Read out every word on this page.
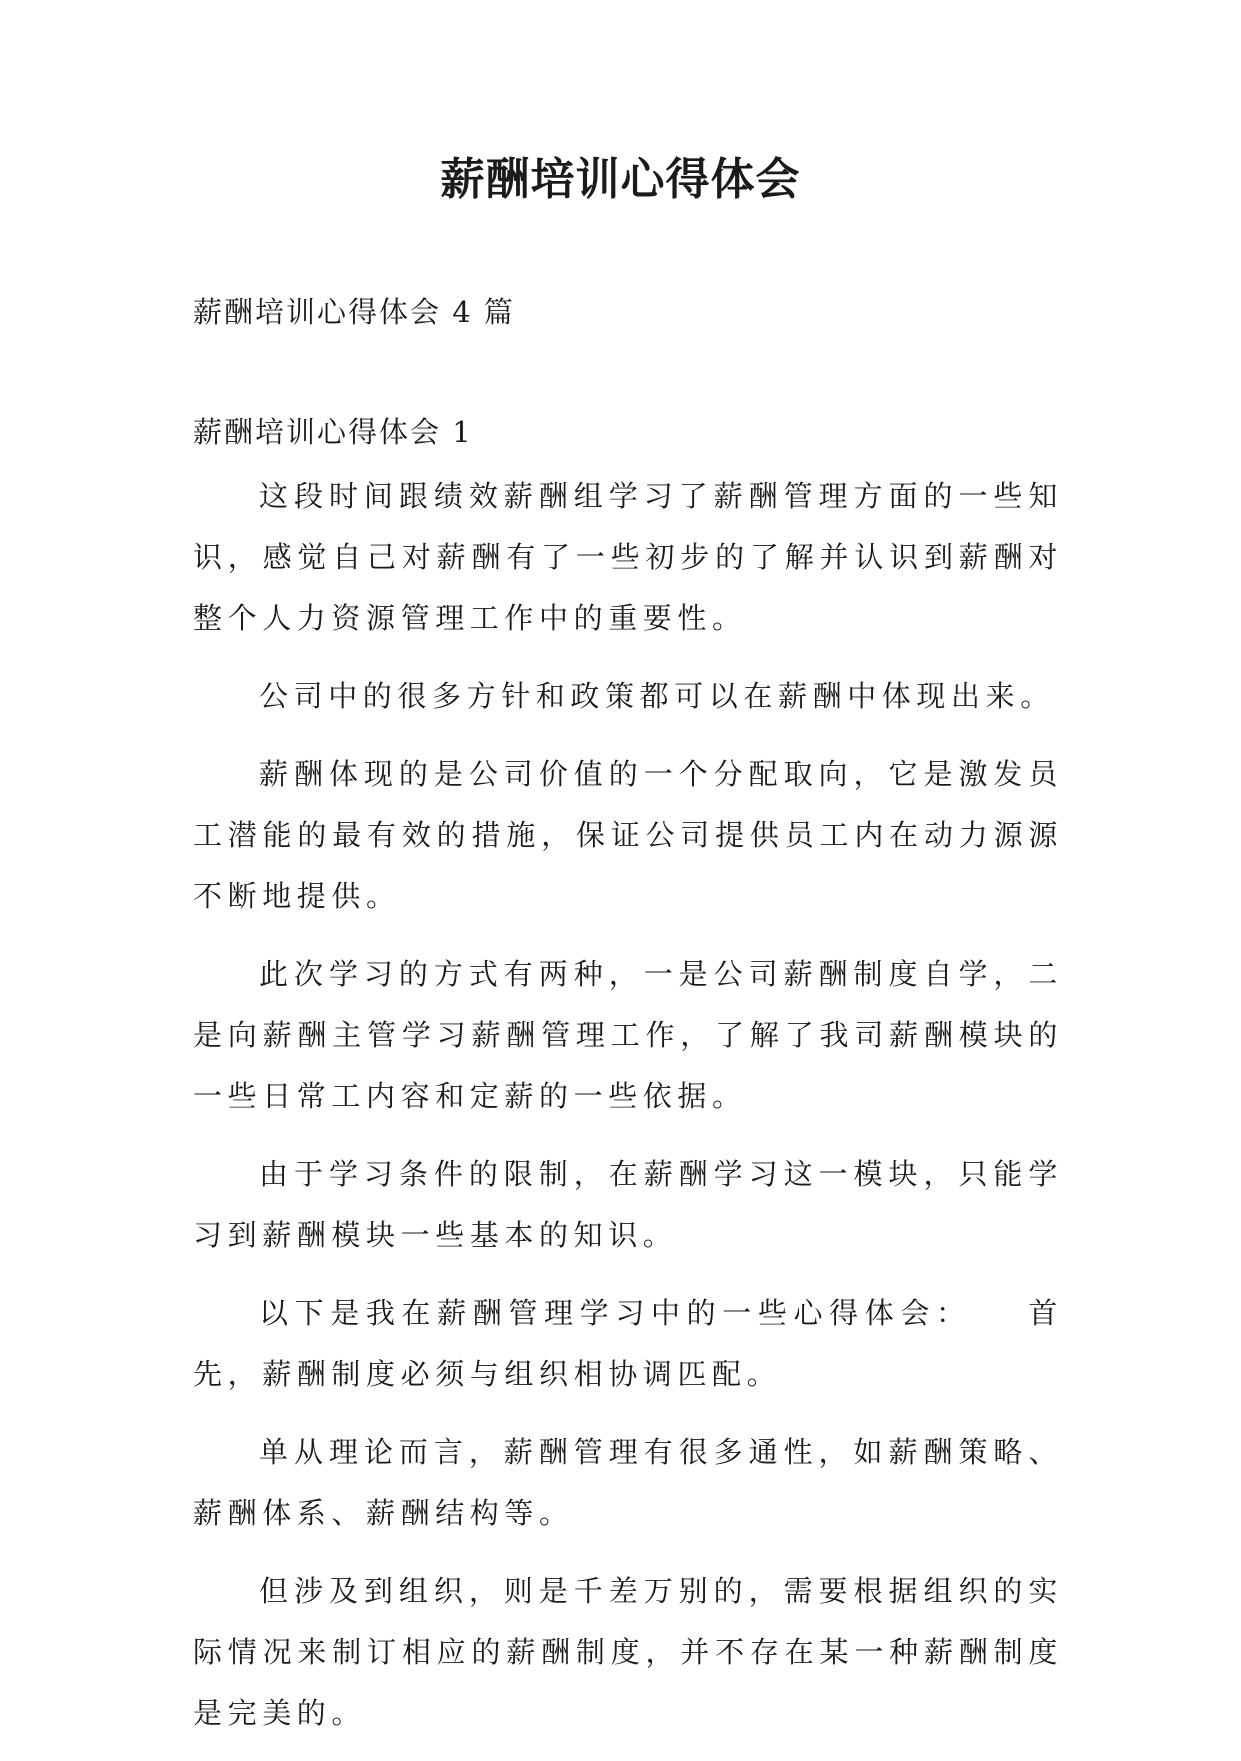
薪酬培训心得体会

薪酬培训心得体会 4 篇

薪酬培训心得体会 1

这段时间跟绩效薪酬组学习了薪酬管理方面的一些知识，感觉自己对薪酬有了一些初步的了解并认识到薪酬对整个人力资源管理工作中的重要性。

公司中的很多方针和政策都可以在薪酬中体现出来。

薪酬体现的是公司价值的一个分配取向，它是激发员工潜能的最有效的措施，保证公司提供员工内在动力源源不断地提供。

此次学习的方式有两种，一是公司薪酬制度自学，二是向薪酬主管学习薪酬管理工作，了解了我司薪酬模块的一些日常工内容和定薪的一些依据。

由于学习条件的限制，在薪酬学习这一模块，只能学习到薪酬模块一些基本的知识。

以下是我在薪酬管理学习中的一些心得体会：　　首先，薪酬制度必须与组织相协调匹配。

单从理论而言，薪酬管理有很多通性，如薪酬策略、薪酬体系、薪酬结构等。

但涉及到组织，则是千差万别的，需要根据组织的实际情况来制订相应的薪酬制度，并不存在某一种薪酬制度是完美的。
